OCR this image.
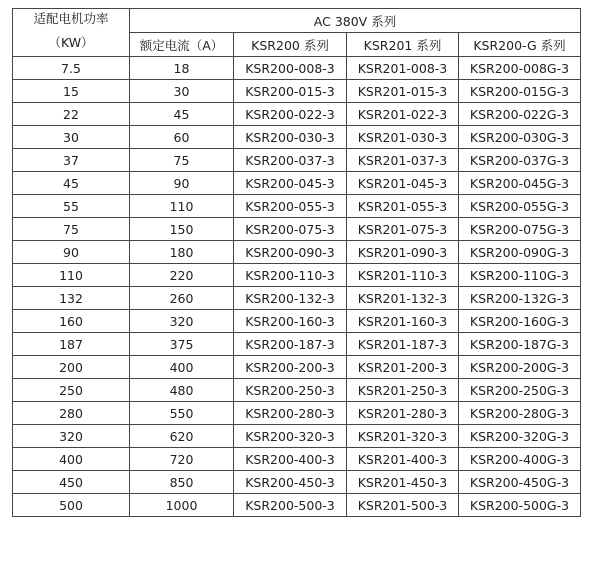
适配电机功率
（KW）	AC 380V 系列			
	额定电流（A）	KSR200 系列	KSR201 系列	KSR200-G 系列
7.5	18	KSR200-008-3	KSR201-008-3	KSR200-008G-3
15	30	KSR200-015-3	KSR201-015-3	KSR200-015G-3
22	45	KSR200-022-3	KSR201-022-3	KSR200-022G-3
30	60	KSR200-030-3	KSR201-030-3	KSR200-030G-3
37	75	KSR200-037-3	KSR201-037-3	KSR200-037G-3
45	90	KSR200-045-3	KSR201-045-3	KSR200-045G-3
55	110	KSR200-055-3	KSR201-055-3	KSR200-055G-3
75	150	KSR200-075-3	KSR201-075-3	KSR200-075G-3
90	180	KSR200-090-3	KSR201-090-3	KSR200-090G-3
110	220	KSR200-110-3	KSR201-110-3	KSR200-110G-3
132	260	KSR200-132-3	KSR201-132-3	KSR200-132G-3
160	320	KSR200-160-3	KSR201-160-3	KSR200-160G-3
187	375	KSR200-187-3	KSR201-187-3	KSR200-187G-3
200	400	KSR200-200-3	KSR201-200-3	KSR200-200G-3
250	480	KSR200-250-3	KSR201-250-3	KSR200-250G-3
280	550	KSR200-280-3	KSR201-280-3	KSR200-280G-3
320	620	KSR200-320-3	KSR201-320-3	KSR200-320G-3
400	720	KSR200-400-3	KSR201-400-3	KSR200-400G-3
450	850	KSR200-450-3	KSR201-450-3	KSR200-450G-3
500	1000	KSR200-500-3	KSR201-500-3	KSR200-500G-3
